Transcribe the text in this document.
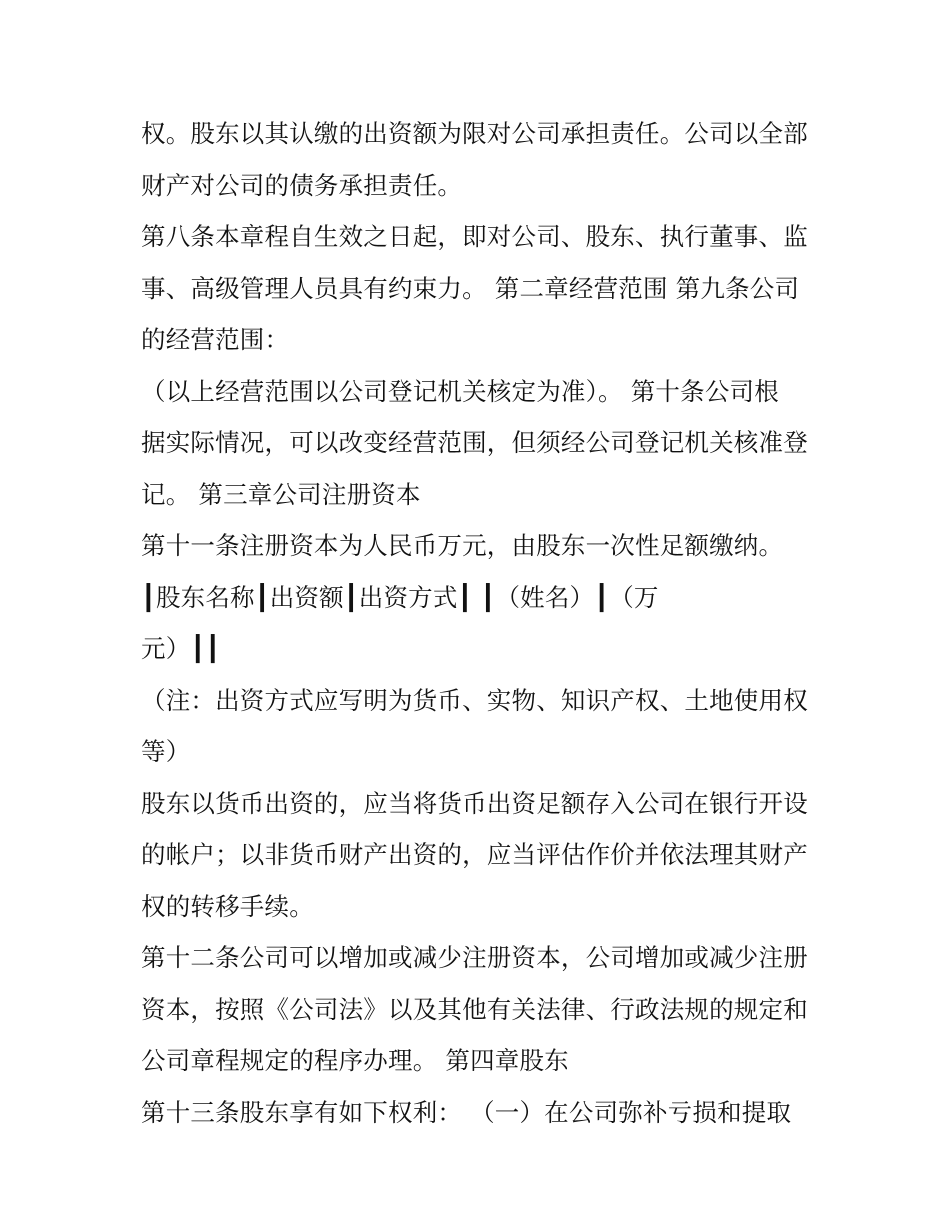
权。股东以其认缴的出资额为限对公司承担责任。公司以全部
财产对公司的债务承担责任。
第八条本章程自生效之日起，即对公司、股东、执行董事、监
事、高级管理人员具有约束力。 第二章经营范围 第九条公司
的经营范围：
（以上经营范围以公司登记机关核定为准）。 第十条公司根
据实际情况，可以改变经营范围，但须经公司登记机关核准登
记。 第三章公司注册资本
第十一条注册资本为人民币万元，由股东一次性足额缴纳。
┃股东名称┃出资额┃出资方式┃ ┃（姓名）┃（万
元）┃┃
（注：出资方式应写明为货币、实物、知识产权、土地使用权
等）
股东以货币出资的，应当将货币出资足额存入公司在银行开设
的帐户；以非货币财产出资的，应当评估作价并依法理其财产
权的转移手续。
第十二条公司可以增加或减少注册资本，公司增加或减少注册
资本，按照《公司法》以及其他有关法律、行政法规的规定和
公司章程规定的程序办理。 第四章股东
第十三条股东享有如下权利： （一）在公司弥补亏损和提取
